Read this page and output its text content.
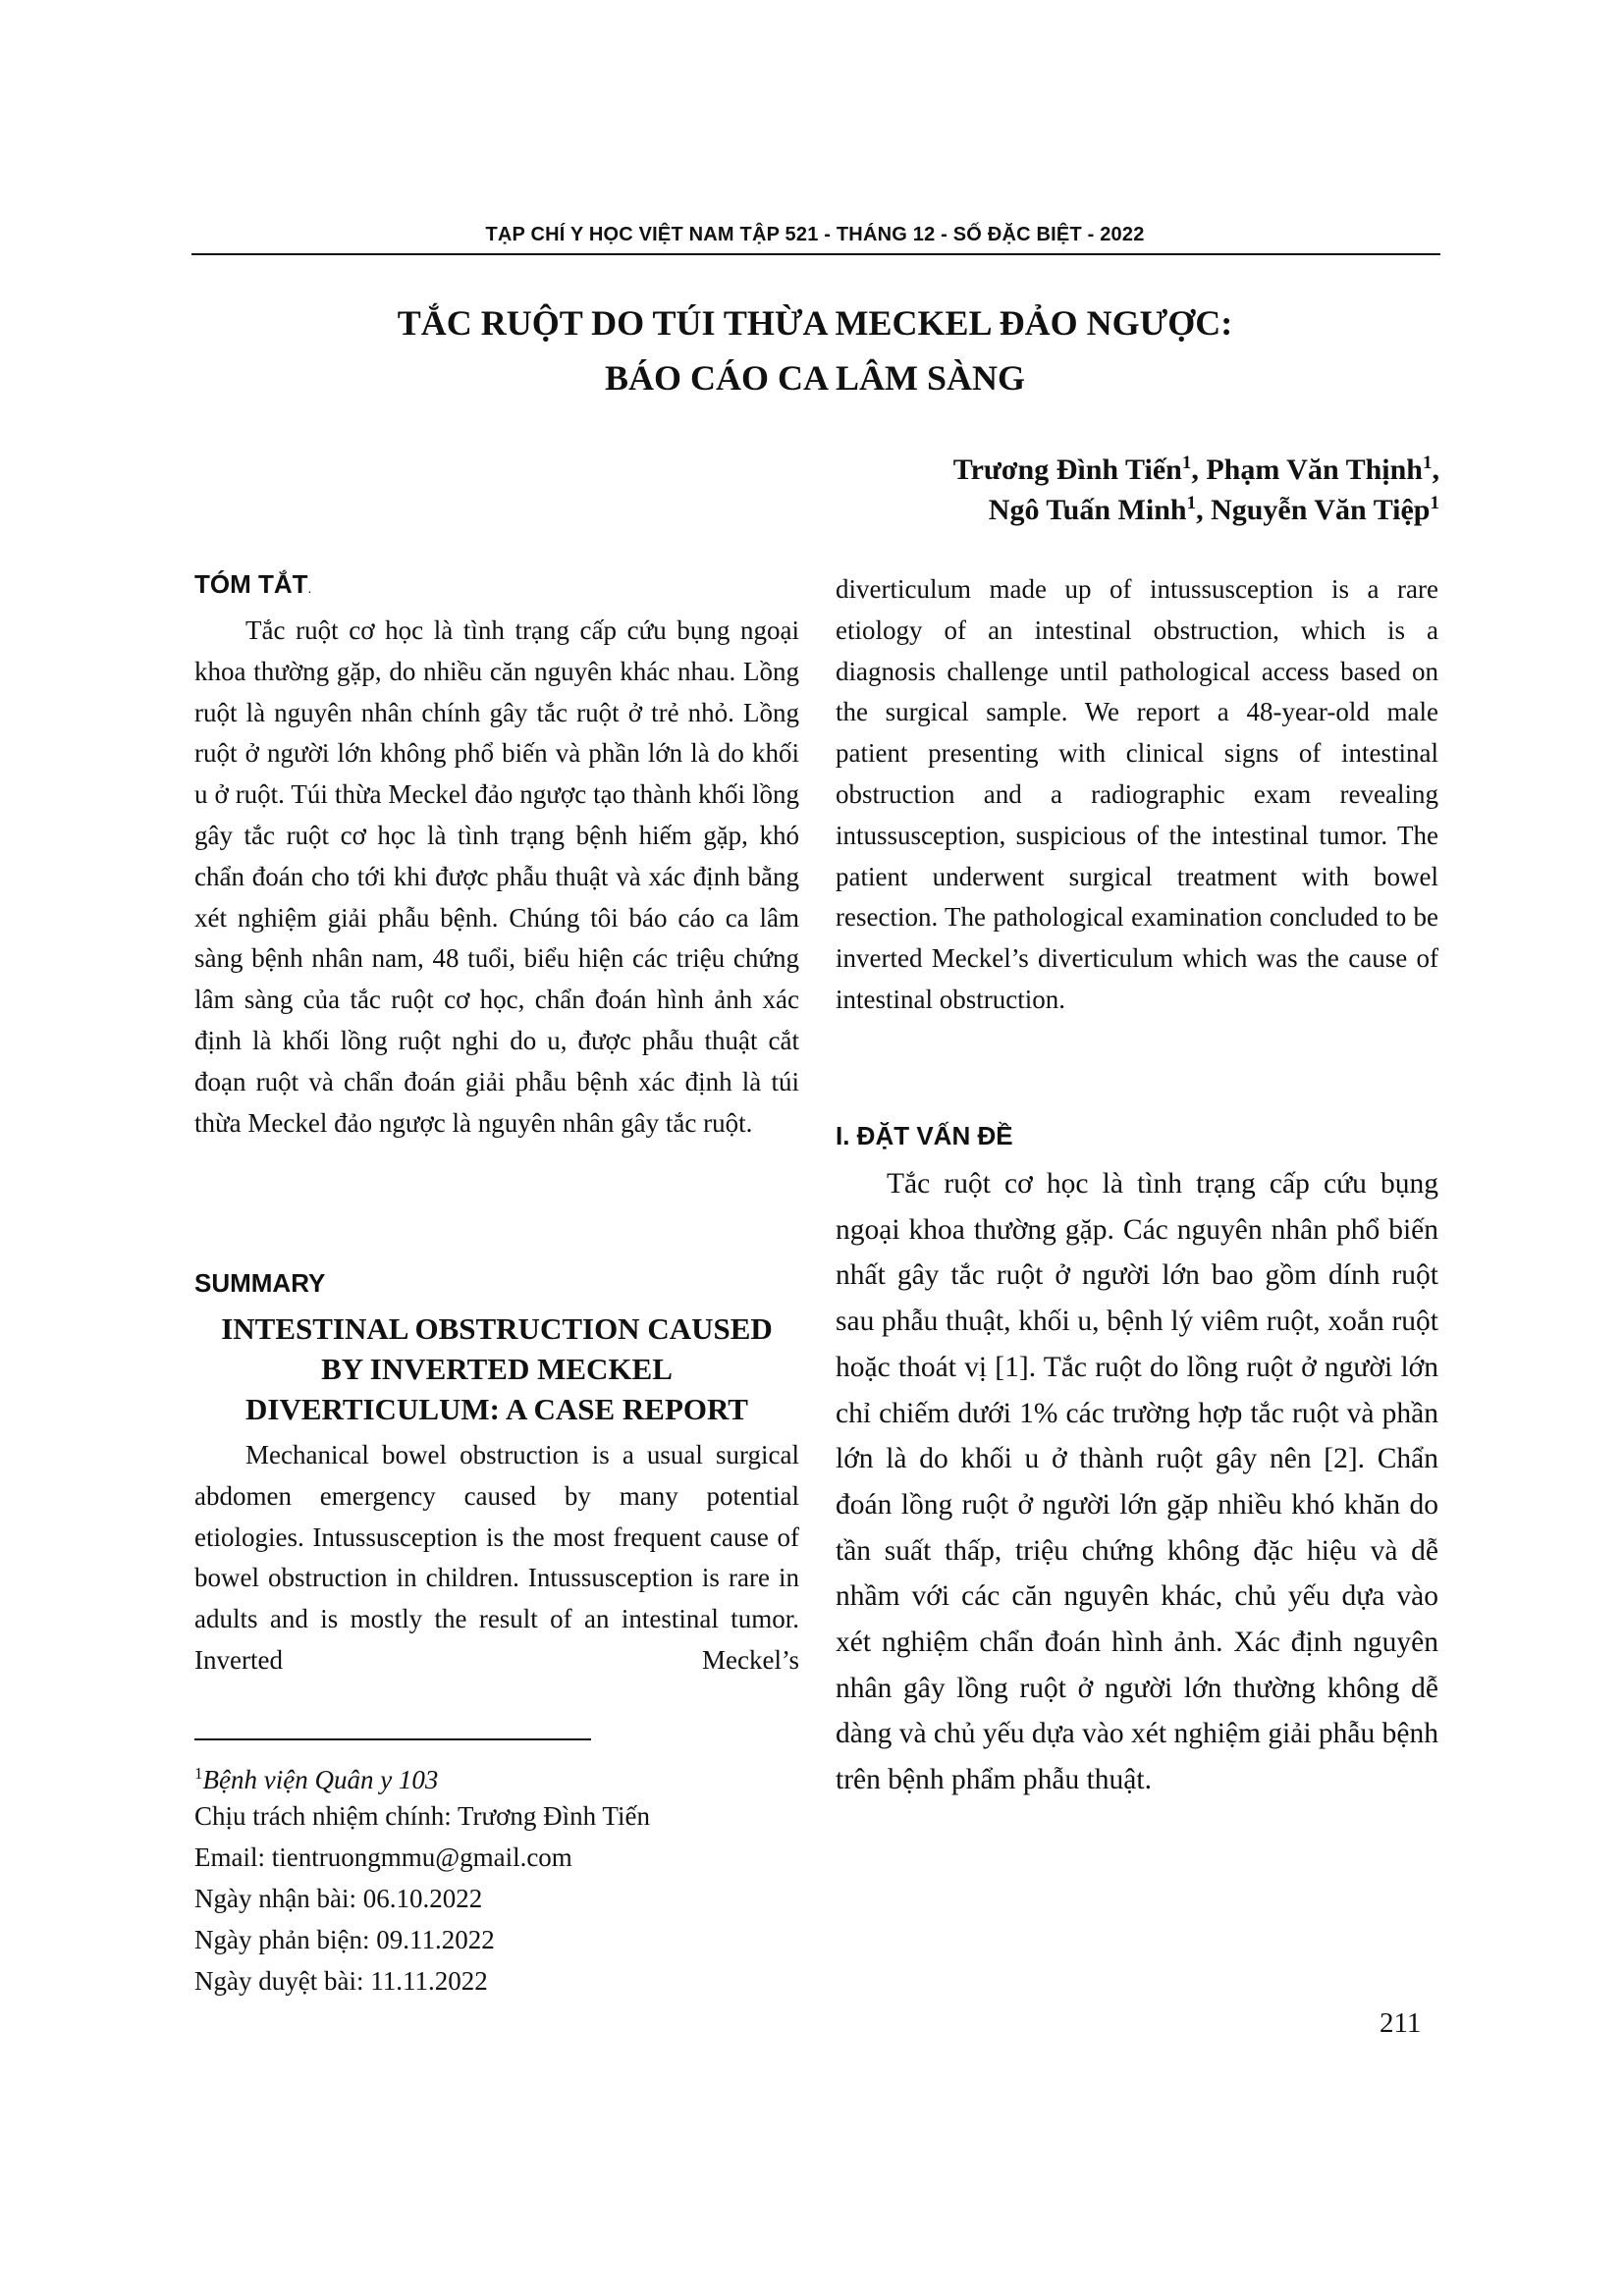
TẠP CHÍ Y HỌC VIỆT NAM TẬP 521 - THÁNG 12 - SỐ ĐẶC BIỆT - 2022
TẮC RUỘT DO TÚI THỪA MECKEL ĐẢO NGƯỢC:
BÁO CÁO CA LÂM SÀNG
Trương Đình Tiến$^1$, Phạm Văn Thịnh$^1$,
Ngô Tuấn Minh$^1$, Nguyễn Văn Tiệp$^1$
TÓM TẮT.
Tắc ruột cơ học là tình trạng cấp cứu bụng ngoại khoa thường gặp, do nhiều căn nguyên khác nhau. Lồng ruột là nguyên nhân chính gây tắc ruột ở trẻ nhỏ. Lồng ruột ở người lớn không phổ biến và phần lớn là do khối u ở ruột. Túi thừa Meckel đảo ngược tạo thành khối lồng gây tắc ruột cơ học là tình trạng bệnh hiếm gặp, khó chẩn đoán cho tới khi được phẫu thuật và xác định bằng xét nghiệm giải phẫu bệnh. Chúng tôi báo cáo ca lâm sàng bệnh nhân nam, 48 tuổi, biểu hiện các triệu chứng lâm sàng của tắc ruột cơ học, chẩn đoán hình ảnh xác định là khối lồng ruột nghi do u, được phẫu thuật cắt đoạn ruột và chẩn đoán giải phẫu bệnh xác định là túi thừa Meckel đảo ngược là nguyên nhân gây tắc ruột.
SUMMARY
INTESTINAL OBSTRUCTION CAUSED
BY INVERTED MECKEL
DIVERTICULUM: A CASE REPORT
Mechanical bowel obstruction is a usual surgical abdomen emergency caused by many potential etiologies. Intussusception is the most frequent cause of bowel obstruction in children. Intussusception is rare in adults and is mostly the result of an intestinal tumor. Inverted Meckel’s
$^1$Bệnh viện Quân y 103
Chịu trách nhiệm chính: Trương Đình Tiến
Email: tientruongmmu@gmail.com
Ngày nhận bài: 06.10.2022
Ngày phản biện: 09.11.2022
Ngày duyệt bài: 11.11.2022
diverticulum made up of intussusception is a rare etiology of an intestinal obstruction, which is a diagnosis challenge until pathological access based on the surgical sample. We report a 48-year-old male patient presenting with clinical signs of intestinal obstruction and a radiographic exam revealing intussusception, suspicious of the intestinal tumor. The patient underwent surgical treatment with bowel resection. The pathological examination concluded to be inverted Meckel’s diverticulum which was the cause of intestinal obstruction.
I. ĐẶT VẤN ĐỀ
Tắc ruột cơ học là tình trạng cấp cứu bụng ngoại khoa thường gặp. Các nguyên nhân phổ biến nhất gây tắc ruột ở người lớn bao gồm dính ruột sau phẫu thuật, khối u, bệnh lý viêm ruột, xoắn ruột hoặc thoát vị [1]. Tắc ruột do lồng ruột ở người lớn chỉ chiếm dưới 1% các trường hợp tắc ruột và phần lớn là do khối u ở thành ruột gây nên [2]. Chẩn đoán lồng ruột ở người lớn gặp nhiều khó khăn do tần suất thấp, triệu chứng không đặc hiệu và dễ nhầm với các căn nguyên khác, chủ yếu dựa vào xét nghiệm chẩn đoán hình ảnh. Xác định nguyên nhân gây lồng ruột ở người lớn thường không dễ dàng và chủ yếu dựa vào xét nghiệm giải phẫu bệnh trên bệnh phẩm phẫu thuật.
211
